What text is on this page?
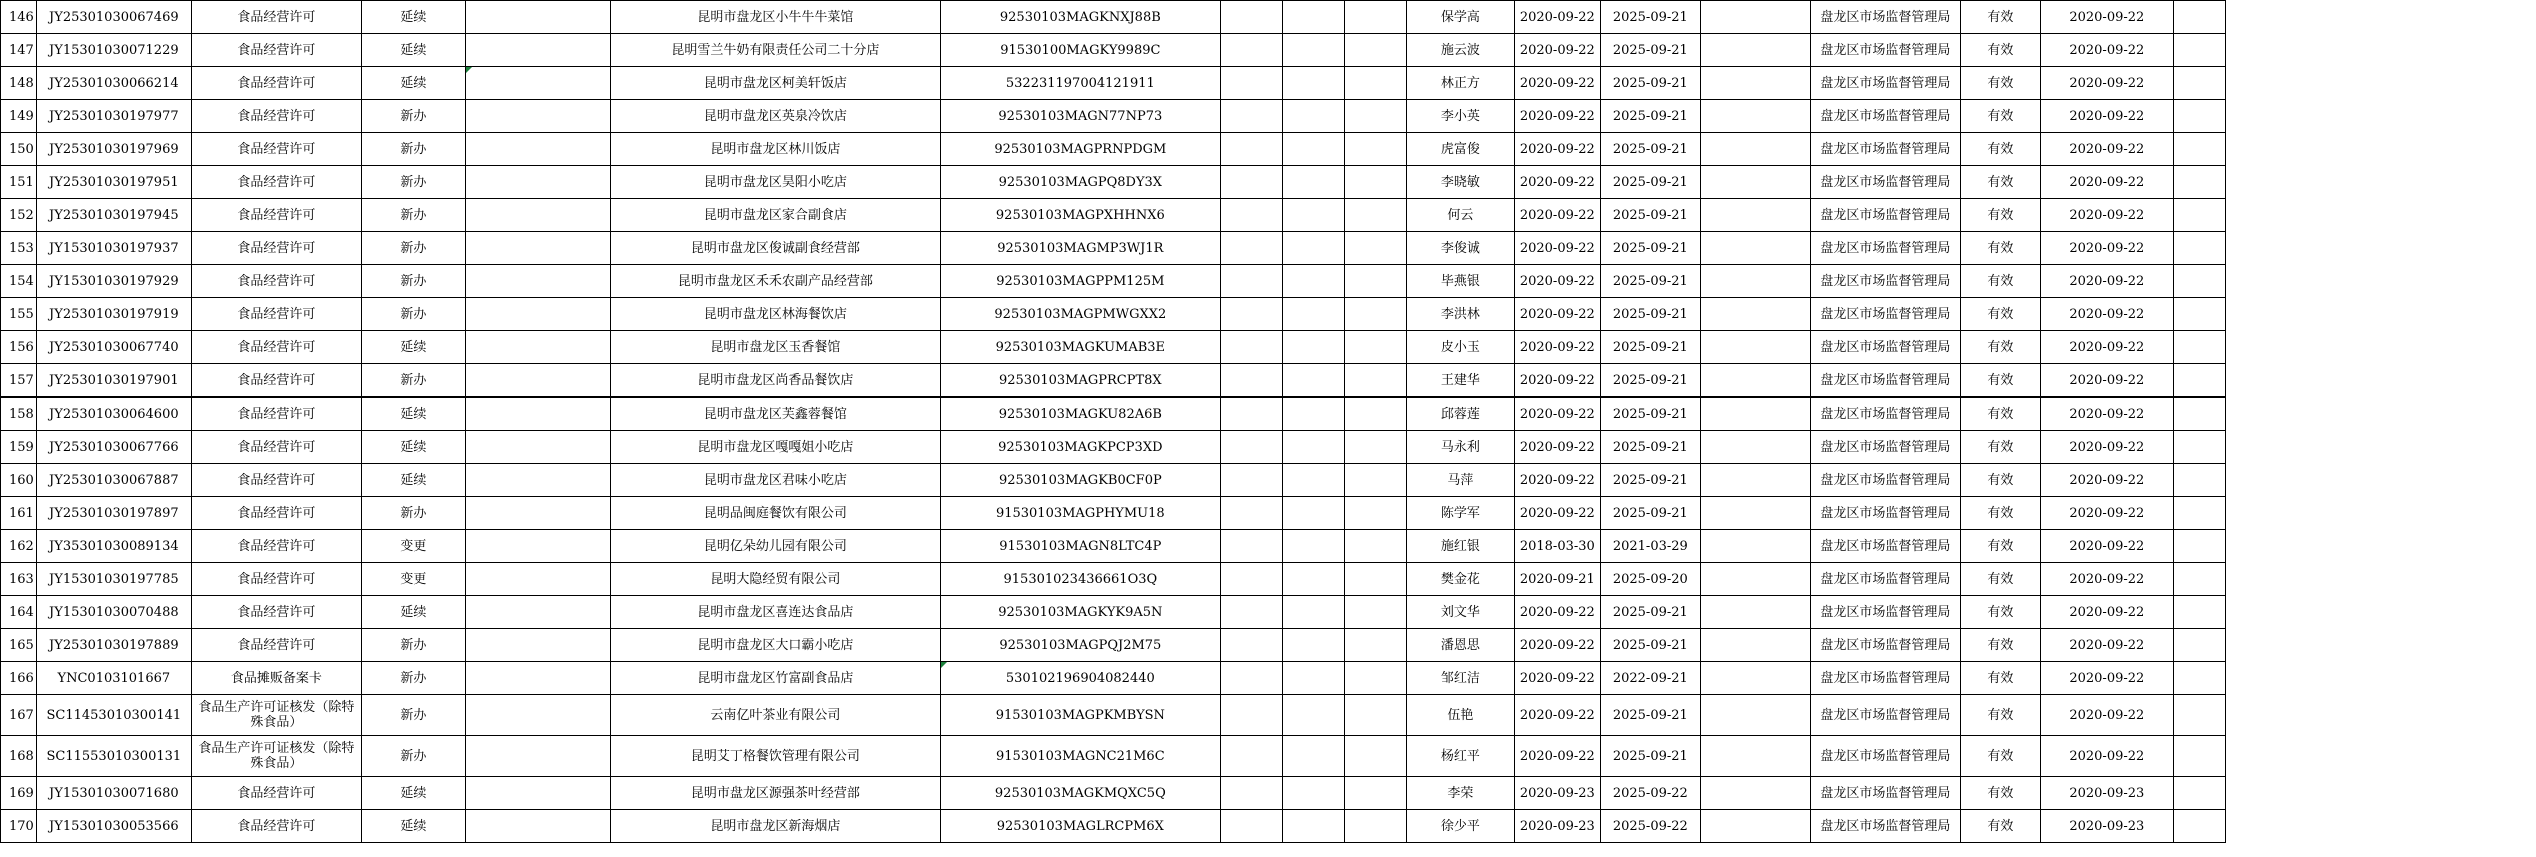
146	JY25301030067469	食品经营许可	延续		昆明市盘龙区小牛牛牛菜馆	92530103MAGKNXJ88B				保学高	2020-09-22	2025-09-21		盘龙区市场监督管理局	有效	2020-09-22	
147	JY15301030071229	食品经营许可	延续		昆明雪兰牛奶有限责任公司二十分店	91530100MAGKY9989C				施云波	2020-09-22	2025-09-21		盘龙区市场监督管理局	有效	2020-09-22	
148	JY25301030066214	食品经营许可	延续		昆明市盘龙区柯美轩饭店	532231197004121911				林正方	2020-09-22	2025-09-21		盘龙区市场监督管理局	有效	2020-09-22	
149	JY25301030197977	食品经营许可	新办		昆明市盘龙区英泉冷饮店	92530103MAGN77NP73				李小英	2020-09-22	2025-09-21		盘龙区市场监督管理局	有效	2020-09-22	
150	JY25301030197969	食品经营许可	新办		昆明市盘龙区林川饭店	92530103MAGPRNPDGM				虎富俊	2020-09-22	2025-09-21		盘龙区市场监督管理局	有效	2020-09-22	
151	JY25301030197951	食品经营许可	新办		昆明市盘龙区昊阳小吃店	92530103MAGPQ8DY3X				李晓敏	2020-09-22	2025-09-21		盘龙区市场监督管理局	有效	2020-09-22	
152	JY25301030197945	食品经营许可	新办		昆明市盘龙区家合副食店	92530103MAGPXHHNX6				何云	2020-09-22	2025-09-21		盘龙区市场监督管理局	有效	2020-09-22	
153	JY15301030197937	食品经营许可	新办		昆明市盘龙区俊诚副食经营部	92530103MAGMP3WJ1R				李俊诚	2020-09-22	2025-09-21		盘龙区市场监督管理局	有效	2020-09-22	
154	JY15301030197929	食品经营许可	新办		昆明市盘龙区禾禾农副产品经营部	92530103MAGPPM125M				毕燕银	2020-09-22	2025-09-21		盘龙区市场监督管理局	有效	2020-09-22	
155	JY25301030197919	食品经营许可	新办		昆明市盘龙区林海餐饮店	92530103MAGPMWGXX2				李洪林	2020-09-22	2025-09-21		盘龙区市场监督管理局	有效	2020-09-22	
156	JY25301030067740	食品经营许可	延续		昆明市盘龙区玉香餐馆	92530103MAGKUMAB3E				皮小玉	2020-09-22	2025-09-21		盘龙区市场监督管理局	有效	2020-09-22	
157	JY25301030197901	食品经营许可	新办		昆明市盘龙区尚香品餐饮店	92530103MAGPRCPT8X				王建华	2020-09-22	2025-09-21		盘龙区市场监督管理局	有效	2020-09-22	
158	JY25301030064600	食品经营许可	延续		昆明市盘龙区芙鑫蓉餐馆	92530103MAGKU82A6B				邱蓉莲	2020-09-22	2025-09-21		盘龙区市场监督管理局	有效	2020-09-22	
159	JY25301030067766	食品经营许可	延续		昆明市盘龙区嘎嘎姐小吃店	92530103MAGKPCP3XD				马永利	2020-09-22	2025-09-21		盘龙区市场监督管理局	有效	2020-09-22	
160	JY25301030067887	食品经营许可	延续		昆明市盘龙区君味小吃店	92530103MAGKB0CF0P				马萍	2020-09-22	2025-09-21		盘龙区市场监督管理局	有效	2020-09-22	
161	JY25301030197897	食品经营许可	新办		昆明品闽庭餐饮有限公司	91530103MAGPHYMU18				陈学军	2020-09-22	2025-09-21		盘龙区市场监督管理局	有效	2020-09-22	
162	JY35301030089134	食品经营许可	变更		昆明亿朵幼儿园有限公司	91530103MAGN8LTC4P				施红银	2018-03-30	2021-03-29		盘龙区市场监督管理局	有效	2020-09-22	
163	JY15301030197785	食品经营许可	变更		昆明大隐经贸有限公司	915301023436661O3Q				樊金花	2020-09-21	2025-09-20		盘龙区市场监督管理局	有效	2020-09-22	
164	JY15301030070488	食品经营许可	延续		昆明市盘龙区喜连达食品店	92530103MAGKYK9A5N				刘文华	2020-09-22	2025-09-21		盘龙区市场监督管理局	有效	2020-09-22	
165	JY25301030197889	食品经营许可	新办		昆明市盘龙区大口霸小吃店	92530103MAGPQJ2M75				潘恩思	2020-09-22	2025-09-21		盘龙区市场监督管理局	有效	2020-09-22	
166	YNC0103101667	食品摊贩备案卡	新办		昆明市盘龙区竹富副食品店	530102196904082440				邹红洁	2020-09-22	2022-09-21		盘龙区市场监督管理局	有效	2020-09-22	
167	SC11453010300141	食品生产许可证核发（除特殊食品）	新办		云南亿叶茶业有限公司	91530103MAGPKMBYSN				伍艳	2020-09-22	2025-09-21		盘龙区市场监督管理局	有效	2020-09-22	
168	SC11553010300131	食品生产许可证核发（除特殊食品）	新办		昆明艾丁格餐饮管理有限公司	91530103MAGNC21M6C				杨红平	2020-09-22	2025-09-21		盘龙区市场监督管理局	有效	2020-09-22	
169	JY15301030071680	食品经营许可	延续		昆明市盘龙区源强茶叶经营部	92530103MAGKMQXC5Q				李荣	2020-09-23	2025-09-22		盘龙区市场监督管理局	有效	2020-09-23	
170	JY15301030053566	食品经营许可	延续		昆明市盘龙区新海烟店	92530103MAGLRCPM6X				徐少平	2020-09-23	2025-09-22		盘龙区市场监督管理局	有效	2020-09-23	
